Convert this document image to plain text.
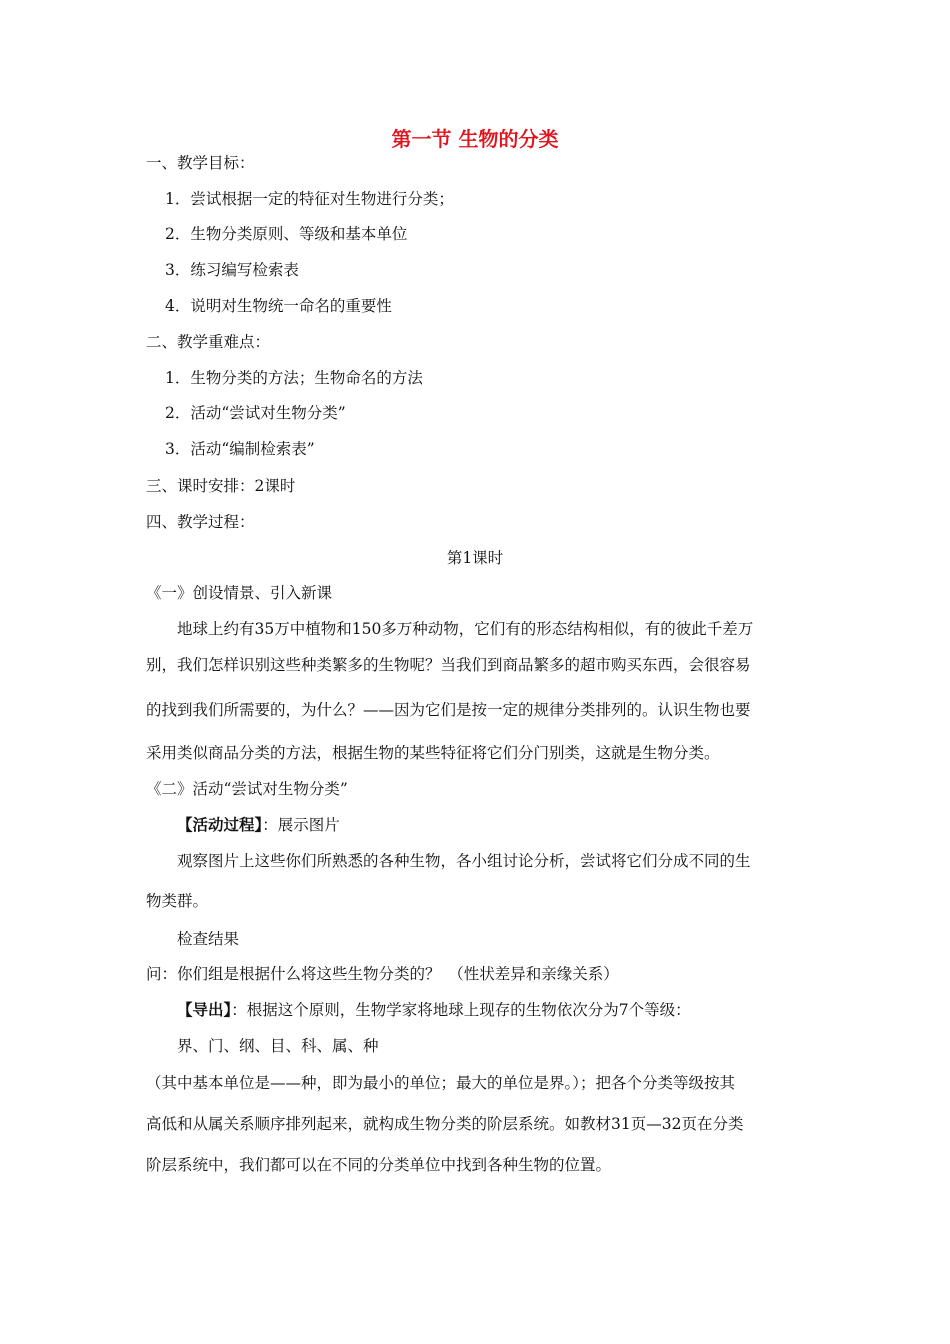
第一节 生物的分类
一、教学目标：
1．尝试根据一定的特征对生物进行分类；
2．生物分类原则、等级和基本单位
3．练习编写检索表
4．说明对生物统一命名的重要性
二、教学重难点：
1．生物分类的方法；生物命名的方法
2．活动“尝试对生物分类”
3．活动“编制检索表”
三、课时安排：2课时
四、教学过程：
第1课时
《一》创设情景、引入新课
地球上约有35万中植物和150多万种动物，它们有的形态结构相似，有的彼此千差万
别，我们怎样识别这些种类繁多的生物呢？当我们到商品繁多的超市购买东西，会很容易
的找到我们所需要的，为什么？——因为它们是按一定的规律分类排列的。认识生物也要
采用类似商品分类的方法，根据生物的某些特征将它们分门别类，这就是生物分类。
《二》活动“尝试对生物分类”
【活动过程】：展示图片
观察图片上这些你们所熟悉的各种生物，各小组讨论分析，尝试将它们分成不同的生
物类群。
检查结果
问：你们组是根据什么将这些生物分类的？　（性状差异和亲缘关系）
【导出】：根据这个原则，生物学家将地球上现存的生物依次分为7个等级：
界、门、纲、目、科、属、种
（其中基本单位是——种，即为最小的单位；最大的单位是界。）；把各个分类等级按其
高低和从属关系顺序排列起来，就构成生物分类的阶层系统。如教材31页—32页在分类
阶层系统中，我们都可以在不同的分类单位中找到各种生物的位置。
